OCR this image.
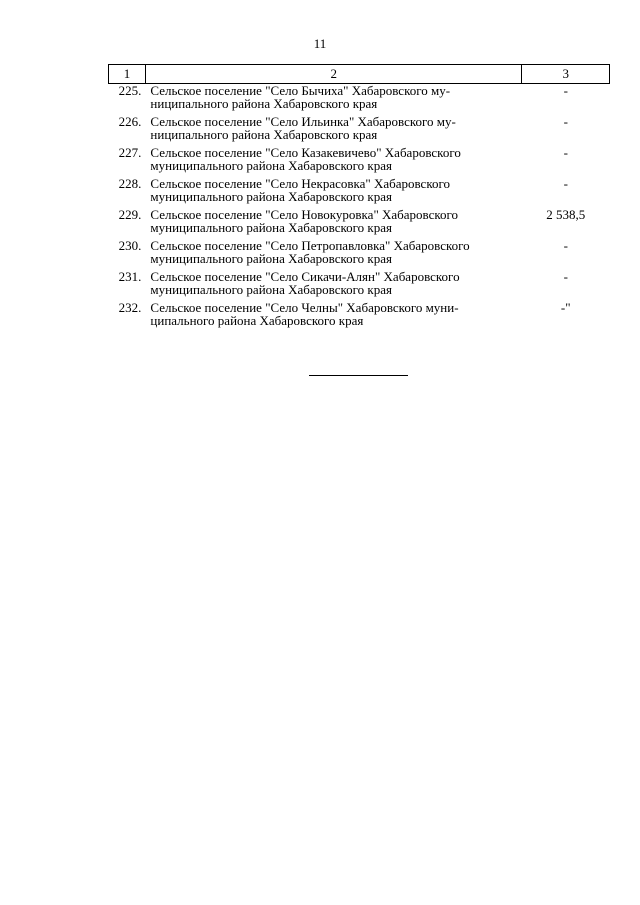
11
1	2	3
225.	Сельское поселение "Село Бычиха" Хабаровского му-
ниципального района Хабаровского края	-
226.	Сельское поселение "Село Ильинка" Хабаровского му-
ниципального района Хабаровского края	-
227.	Сельское поселение "Село Казакевичево" Хабаровского
муниципального района Хабаровского края	-
228.	Сельское поселение "Село Некрасовка" Хабаровского
муниципального района Хабаровского края	-
229.	Сельское поселение "Село Новокуровка" Хабаровского
муниципального района Хабаровского края	2 538,5
230.	Сельское поселение "Село Петропавловка" Хабаровского
муниципального района Хабаровского края	-
231.	Сельское поселение "Село Сикачи-Алян" Хабаровского
муниципального района Хабаровского края	-
232.	Сельское поселение "Село Челны" Хабаровского муни-
ципального района Хабаровского края	-"
